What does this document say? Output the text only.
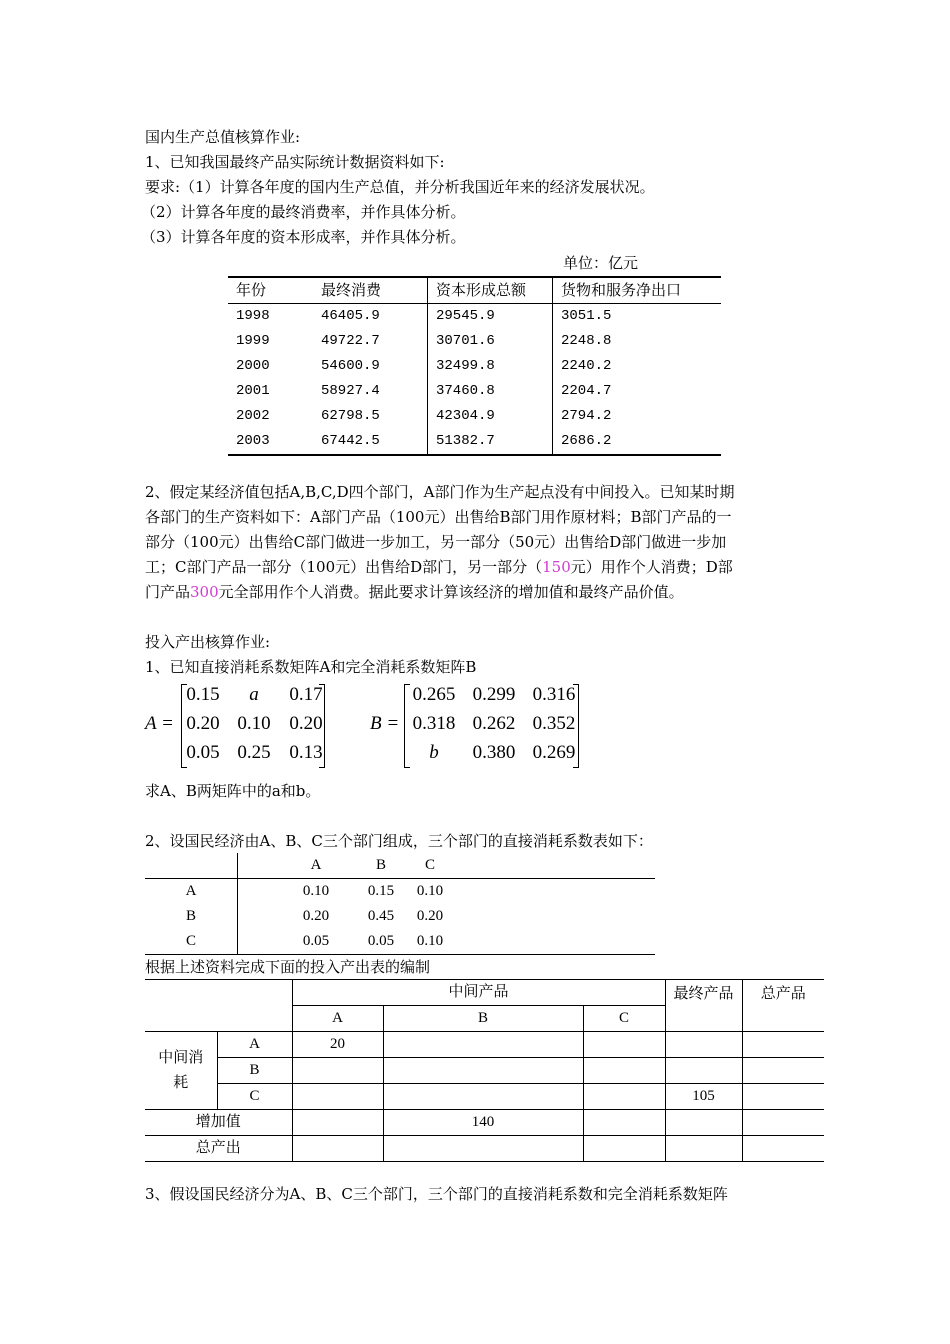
国内生产总值核算作业:
1、已知我国最终产品实际统计数据资料如下:
要求:（1）计算各年度的国内生产总值，并分析我国近年来的经济发展状况。
（2）计算各年度的最终消费率，并作具体分析。
（3）计算各年度的资本形成率，并作具体分析。
单位：亿元
年份	最终消费	资本形成总额	货物和服务净出口
1998	46405.9	29545.9	3051.5
1999	49722.7	30701.6	2248.8
2000	54600.9	32499.8	2240.2
2001	58927.4	37460.8	2204.7
2002	62798.5	42304.9	2794.2
2003	67442.5	51382.7	2686.2
2、假定某经济值包括A,B,C,D四个部门，A部门作为生产起点没有中间投入。已知某时期
各部门的生产资料如下：A部门产品（100元）出售给B部门用作原材料；B部门产品的一
部分（100元）出售给C部门做进一步加工，另一部分（50元）出售给D部门做进一步加
工；C部门产品一部分（100元）出售给D部门，另一部分（150元）用作个人消费；D部
门产品300元全部用作个人消费。据此要求计算该经济的增加值和最终产品价值。
投入产出核算作业:
1、已知直接消耗系数矩阵A和完全消耗系数矩阵B
A =
0.15	a	0.17
0.20 0.10 0.20
0.05 0.25 0.13
B =
0.265 0.299 0.316
0.318 0.262 0.352
b	0.380 0.269
求A、B两矩阵中的a和b。
2、设国民经济由A、B、C三个部门组成，三个部门的直接消耗系数表如下：
	A	B	C	
A	0.10	0.15	0.10	
B	0.20	0.45	0.20	
C	0.05	0.05	0.10	
根据上述资料完成下面的投入产出表的编制
		中间产品			最终产品	总产品
		A	B	C		
中间消耗	A	20				
	B					
	C				105	
增加值			140			
总产出						
3、假设国民经济分为A、B、C三个部门，三个部门的直接消耗系数和完全消耗系数矩阵
